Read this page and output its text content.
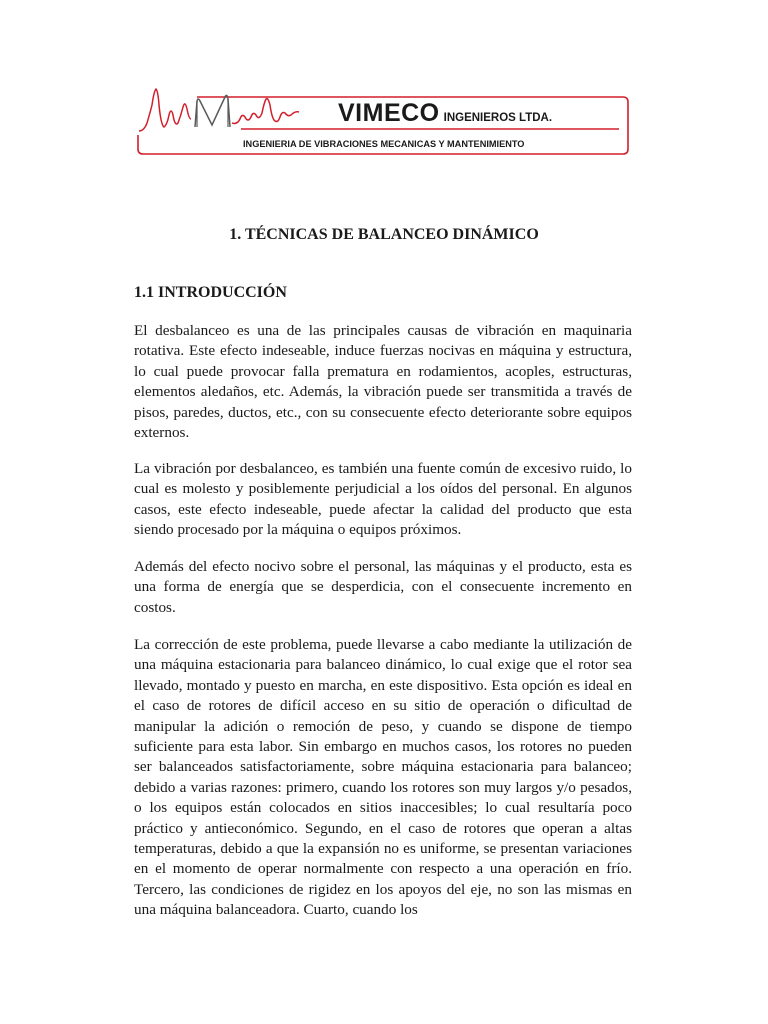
VIMECO INGENIEROS LTDA.
INGENIERIA DE VIBRACIONES MECANICAS Y MANTENIMIENTO
1. TÉCNICAS DE BALANCEO DINÁMICO
1.1 INTRODUCCIÓN

El desbalanceo es una de las principales causas de vibración en maquinaria rotativa. Este efecto indeseable, induce fuerzas nocivas en máquina y estructura, lo cual puede provocar falla prematura en rodamientos, acoples, estructuras, elementos aledaños, etc. Además, la vibración puede ser transmitida a través de pisos, paredes, ductos, etc., con su consecuente efecto deteriorante sobre equipos externos.

La vibración por desbalanceo, es también una fuente común de excesivo ruido, lo cual es molesto y posiblemente perjudicial a los oídos del personal. En algunos casos, este efecto indeseable, puede afectar la calidad del producto que esta siendo procesado por la máquina o equipos próximos.

Además del efecto nocivo sobre el personal, las máquinas y el producto, esta es una forma de energía que se desperdicia, con el consecuente incremento en costos.

La corrección de este problema, puede llevarse a cabo mediante la utilización de una máquina estacionaria para balanceo dinámico, lo cual exige que el rotor sea llevado, montado y puesto en marcha, en este dispositivo. Esta opción es ideal en el caso de rotores de difícil acceso en su sitio de operación o dificultad de manipular la adición o remoción de peso, y cuando se dispone de tiempo suficiente para esta labor. Sin embargo en muchos casos, los rotores no pueden ser balanceados satisfactoriamente, sobre máquina estacionaria para balanceo; debido a varias razones: primero, cuando los rotores son muy largos y/o pesados, o los equipos están colocados en sitios inaccesibles; lo cual resultaría poco práctico y antieconómico. Segundo, en el caso de rotores que operan a altas temperaturas, debido a que la expansión no es uniforme, se presentan variaciones en el momento de operar normalmente con respecto a una operación en frío. Tercero, las condiciones de rigidez en los apoyos del eje, no son las mismas en una máquina balanceadora. Cuarto, cuando los
